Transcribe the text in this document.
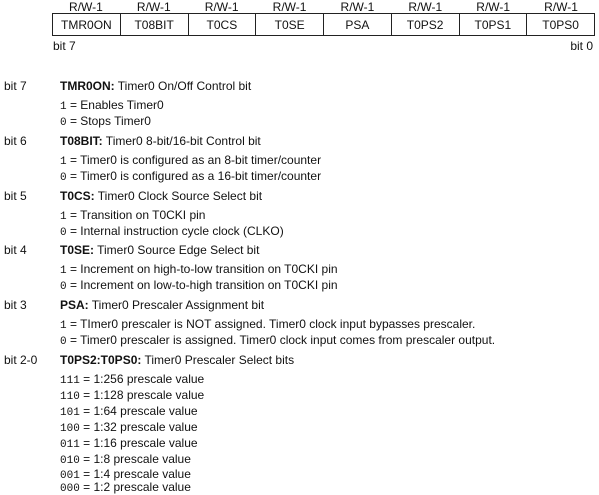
R/W-1	R/W-1	R/W-1	R/W-1	R/W-1	R/W-1	R/W-1	R/W-1
TMR0ON	T08BIT	T0CS	T0SE	PSA	T0PS2	T0PS1	T0PS0
bit 7	bit 0
bit 7	TMR0ON: Timer0 On/Off Control bit
1 = Enables Timer0
0 = Stops Timer0
bit 6	T08BIT: Timer0 8-bit/16-bit Control bit
1 = Timer0 is configured as an 8-bit timer/counter
0 = Timer0 is configured as a 16-bit timer/counter
bit 5	T0CS: Timer0 Clock Source Select bit
1 = Transition on T0CKI pin
0 = Internal instruction cycle clock (CLKO)
bit 4	T0SE: Timer0 Source Edge Select bit
1 = Increment on high-to-low transition on T0CKI pin
0 = Increment on low-to-high transition on T0CKI pin
bit 3	PSA: Timer0 Prescaler Assignment bit
1 = TImer0 prescaler is NOT assigned. Timer0 clock input bypasses prescaler.
0 = Timer0 prescaler is assigned. Timer0 clock input comes from prescaler output.
bit 2-0 T0PS2:T0PS0: Timer0 Prescaler Select bits
111 = 1:256 prescale value
110 = 1:128 prescale value
101 = 1:64 prescale value
100 = 1:32 prescale value
011 = 1:16 prescale value
010 = 1:8 prescale value
001 = 1:4 prescale value
000 = 1:2 prescale value
